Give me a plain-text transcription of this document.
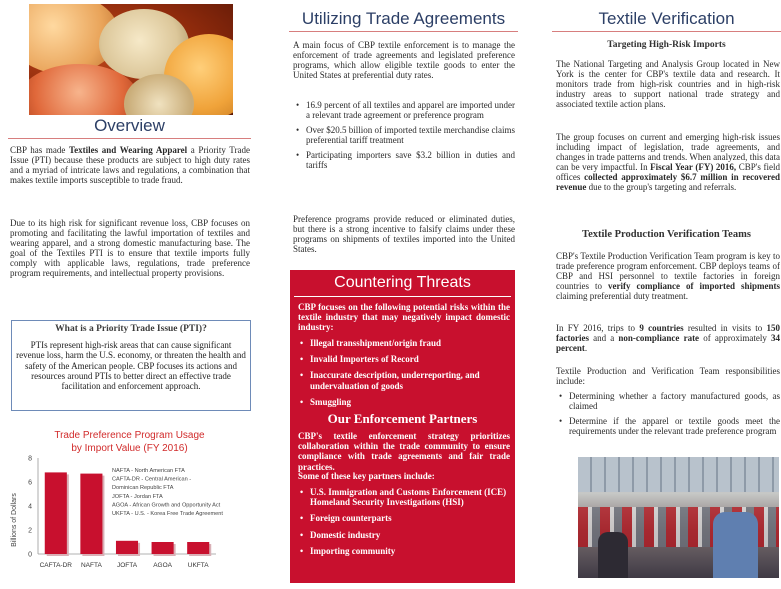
Overview
CBP has made Textiles and Wearing Apparel a Priority Trade Issue (PTI) because these products are subject to high duty rates and a myriad of intricate laws and regulations, a combination that makes textile imports susceptible to trade fraud.
Due to its high risk for significant revenue loss, CBP focuses on promoting and facilitating the lawful importation of textiles and wearing apparel, and a strong domestic manufacturing base. The goal of the Textiles PTI is to ensure that textile imports fully comply with applicable laws, regulations, trade preference program requirements, and intellectual property provisions.
What is a Priority Trade Issue (PTI)?
PTIs represent high-risk areas that can cause significant revenue loss, harm the U.S. economy, or threaten the health and safety of the American people. CBP focuses its actions and resources around PTIs to better direct an effective trade facilitation and enforcement approach.
Trade Preference Program Usage
by Import Value (FY 2016)
Billions of Dollars
0
2
4
6
8
CAFTA-DR NAFTA JOFTA AGOA UKFTA
NAFTA - North American FTA
CAFTA-DR - Central American -
Dominican Republic FTA
JOFTA - Jordan FTA
AGOA - African Growth and Opportunity Act
UKFTA - U.S. - Korea Free Trade Agreement
Utilizing Trade Agreements
A main focus of CBP textile enforcement is to manage the enforcement of trade agreements and legislated preference programs, which allow eligible textile goods to enter the United States at preferential duty rates.
• 16.9 percent of all textiles and apparel are imported under a relevant trade agreement or preference program
• Over $20.5 billion of imported textile merchandise claims preferential tariff treatment
• Participating importers save $3.2 billion in duties and tariffs
Preference programs provide reduced or eliminated duties, but there is a strong incentive to falsify claims under these programs on shipments of textiles imported into the United States.
Countering Threats
CBP focuses on the following potential risks within the textile industry that may negatively impact domestic industry:
• Illegal transshipment/origin fraud
• Invalid Importers of Record
• Inaccurate description, underreporting, and undervaluation of goods
• Smuggling
Our Enforcement Partners
CBP's textile enforcement strategy prioritizes collaboration within the trade community to ensure compliance with trade agreements and fair trade practices.
Some of these key partners include:
• U.S. Immigration and Customs Enforcement (ICE) Homeland Security Investigations (HSI)
• Foreign counterparts
• Domestic industry
• Importing community
Textile Verification
Targeting High-Risk Imports
The National Targeting and Analysis Group located in New York is the center for CBP's textile data and research. It monitors trade from high-risk countries and in high-risk industry areas to support national trade strategy and associated textile action plans.
The group focuses on current and emerging high-risk issues including impact of legislation, trade agreements, and changes in trade patterns and trends. When analyzed, this data can be very impactful. In Fiscal Year (FY) 2016, CBP's field offices collected approximately $6.7 million in recovered revenue due to the group's targeting and referrals.
Textile Production Verification Teams
CBP's Textile Production Verification Team program is key to trade preference program enforcement. CBP deploys teams of CBP and HSI personnel to textile factories in foreign countries to verify compliance of imported shipments claiming preferential duty treatment.
In FY 2016, trips to 9 countries resulted in visits to 150 factories and a non-compliance rate of approximately 34 percent.
Textile Production and Verification Team responsibilities include:
• Determining whether a factory manufactured goods, as claimed
• Determine if the apparel or textile goods meet the requirements under the relevant trade preference program
